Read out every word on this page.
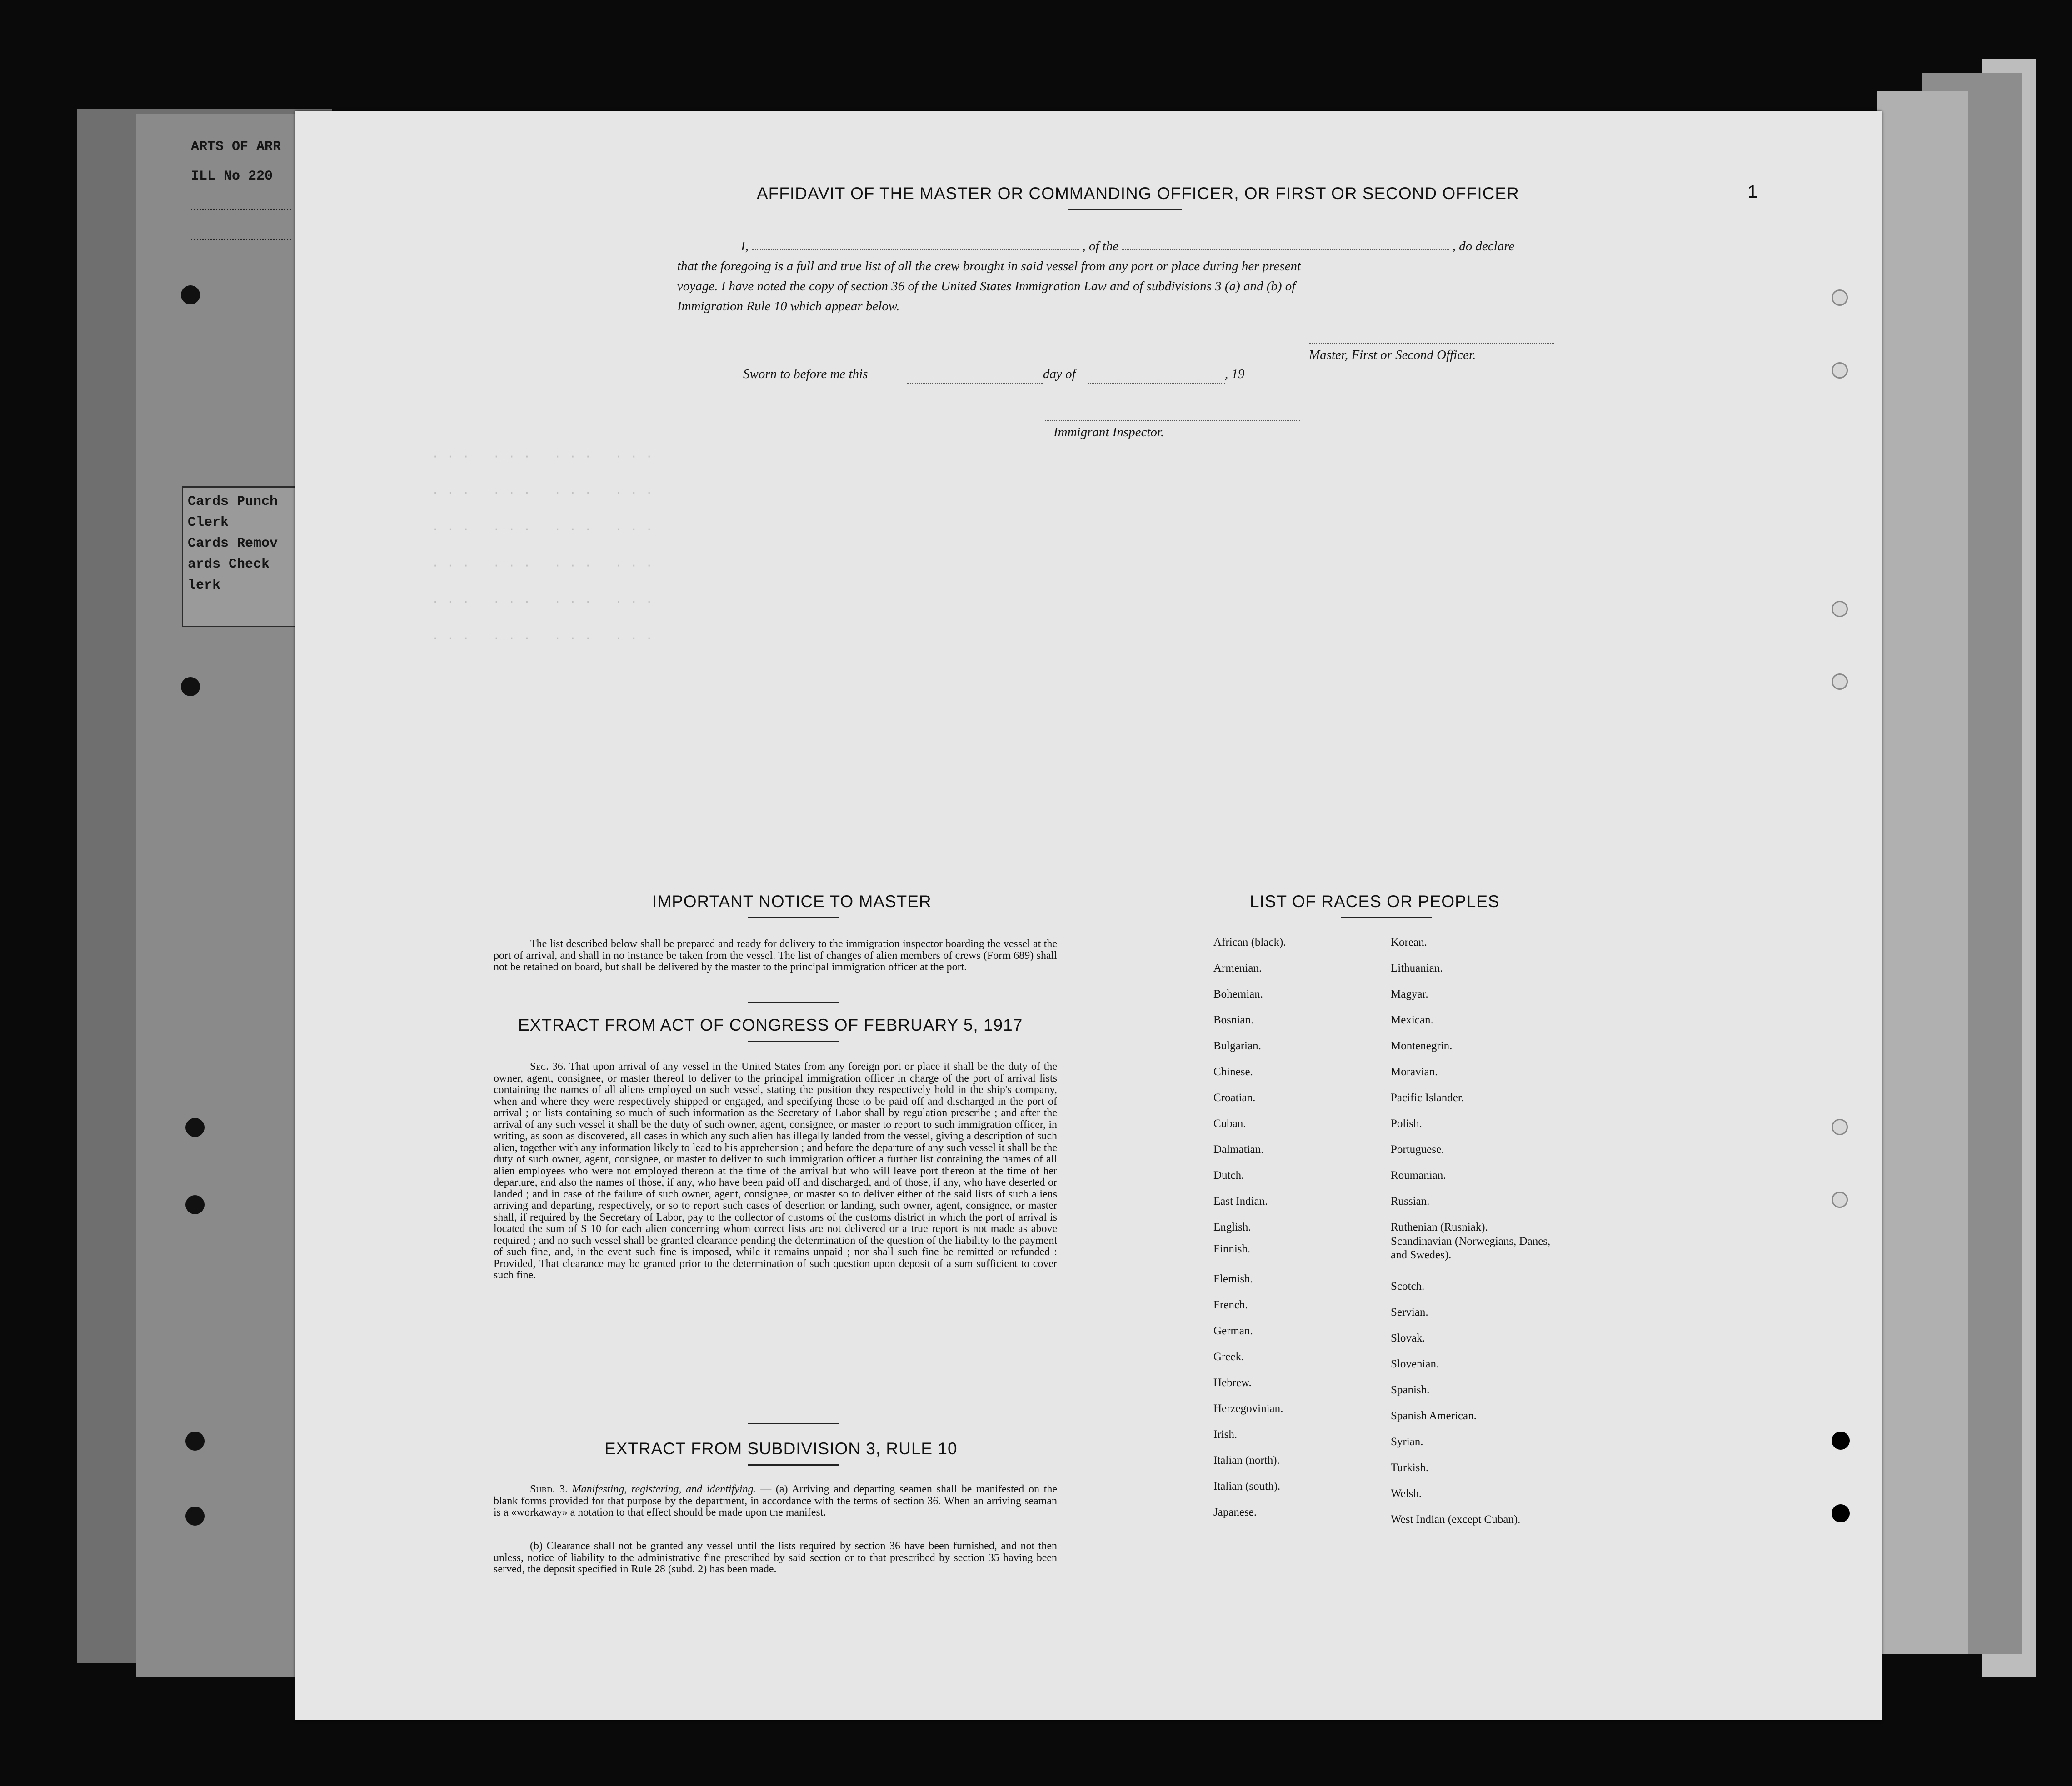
ARTS OF ARR
ILL No 220
Cards Punch
Clerk
Cards Remov
ards Check
lerk
··· ··· ··· ···
··· ··· ··· ···
··· ··· ··· ···
··· ··· ··· ···
··· ··· ··· ···
··· ··· ··· ···
1
AFFIDAVIT OF THE MASTER OR COMMANDING OFFICER, OR FIRST OR SECOND OFFICER
I,	, of the	, do declare
that the foregoing is a full and true list of all the crew brought in said vessel from any port or place during her present
voyage. I have noted the copy of section 36 of the United States Immigration Law and of subdivisions 3 (a) and (b) of
Immigration Rule 10 which appear below.
Master, First or Second Officer.
Sworn to before me this	day of	, 19
Immigrant Inspector.
IMPORTANT NOTICE TO MASTER
The list described below shall be prepared and ready for delivery to the immigration inspector boarding the vessel at the port of arrival, and shall in no instance be taken from the vessel. The list of changes of alien members of crews (Form 689) shall not be retained on board, but shall be delivered by the master to the principal immigration officer at the port.
EXTRACT FROM ACT OF CONGRESS OF FEBRUARY 5, 1917
Sec. 36. That upon arrival of any vessel in the United States from any foreign port or place it shall be the duty of the owner, agent, consignee, or master thereof to deliver to the principal immigration officer in charge of the port of arrival lists containing the names of all aliens employed on such vessel, stating the position they respectively hold in the ship's company, when and where they were respectively shipped or engaged, and specifying those to be paid off and discharged in the port of arrival ; or lists containing so much of such information as the Secretary of Labor shall by regulation prescribe ; and after the arrival of any such vessel it shall be the duty of such owner, agent, consignee, or master to report to such immigration officer, in writing, as soon as discovered, all cases in which any such alien has illegally landed from the vessel, giving a description of such alien, together with any information likely to lead to his apprehension ; and before the departure of any such vessel it shall be the duty of such owner, agent, consignee, or master to deliver to such immigration officer a further list containing the names of all alien employees who were not employed thereon at the time of the arrival but who will leave port thereon at the time of her departure, and also the names of those, if any, who have been paid off and discharged, and of those, if any, who have deserted or landed ; and in case of the failure of such owner, agent, consignee, or master so to deliver either of the said lists of such aliens arriving and departing, respectively, or so to report such cases of desertion or landing, such owner, agent, consignee, or master shall, if required by the Secretary of Labor, pay to the collector of customs of the customs district in which the port of arrival is located the sum of $ 10 for each alien concerning whom correct lists are not delivered or a true report is not made as above required ; and no such vessel shall be granted clearance pending the determination of the question of the liability to the payment of such fine, and, in the event such fine is imposed, while it remains unpaid ; nor shall such fine be remitted or refunded : Provided, That clearance may be granted prior to the determination of such question upon deposit of a sum sufficient to cover such fine.
EXTRACT FROM SUBDIVISION 3, RULE 10
Subd. 3. Manifesting, registering, and identifying. — (a) Arriving and departing seamen shall be manifested on the blank forms provided for that purpose by the department, in accordance with the terms of section 36. When an arriving seaman is a «workaway» a notation to that effect should be made upon the manifest.
(b) Clearance shall not be granted any vessel until the lists required by section 36 have been furnished, and not then unless, notice of liability to the administrative fine prescribed by said section or to that prescribed by section 35 having been served, the deposit specified in Rule 28 (subd. 2) has been made.
LIST OF RACES OR PEOPLES
African (black).
Armenian.
Bohemian.
Bosnian.
Bulgarian.
Chinese.
Croatian.
Cuban.
Dalmatian.
Dutch.
East Indian.
English.
Finnish.
Flemish.
French.
German.
Greek.
Hebrew.
Herzegovinian.
Irish.
Italian (north).
Italian (south).
Japanese.
Korean.
Lithuanian.
Magyar.
Mexican.
Montenegrin.
Moravian.
Pacific Islander.
Polish.
Portuguese.
Roumanian.
Russian.
Ruthenian (Rusniak).
Scandinavian (Norwegians, Danes, and Swedes).
Scotch.
Servian.
Slovak.
Slovenian.
Spanish.
Spanish American.
Syrian.
Turkish.
Welsh.
West Indian (except Cuban).
